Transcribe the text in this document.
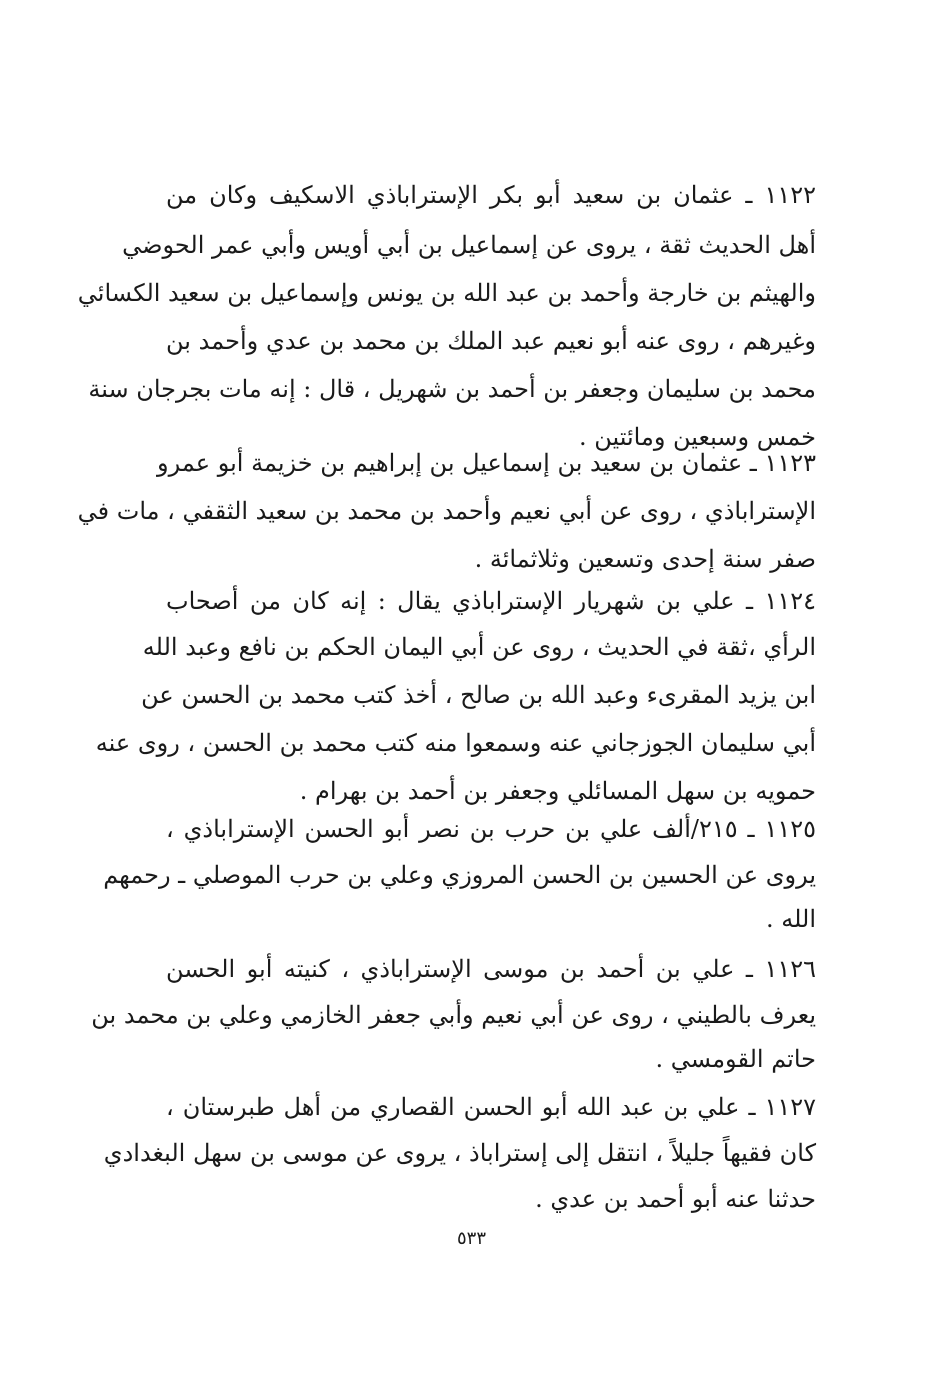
١١٢٢ ـ عثمان بن سعيد أبو بكر الإستراباذي الاسكيف وكان من
أهل الحديث ثقة ، يروى عن إسماعيل بن أبي أويس وأبي عمر الحوضي
والهيثم بن خارجة وأحمد بن عبد الله بن يونس وإسماعيل بن سعيد الكسائي
وغيرهم ، روى عنه أبو نعيم عبد الملك بن محمد بن عدي وأحمد بن
محمد بن سليمان وجعفر بن أحمد بن شهريل ، قال : إنه مات بجرجان سنة
خمس وسبعين ومائتين .
١١٢٣ ـ عثمان بن سعيد بن إسماعيل بن إبراهيم بن خزيمة أبو عمرو
الإستراباذي ، روى عن أبي نعيم وأحمد بن محمد بن سعيد الثقفي ، مات في
صفر سنة إحدى وتسعين وثلاثمائة .
١١٢٤ ـ علي بن شهريار الإستراباذي يقال : إنه كان من أصحاب
الرأي ،ثقة في الحديث ، روى عن أبي اليمان الحكم بن نافع وعبد الله
ابن يزيد المقرىء وعبد الله بن صالح ، أخذ كتب محمد بن الحسن عن
أبي سليمان الجوزجاني عنه وسمعوا منه كتب محمد بن الحسن ، روى عنه
حمويه بن سهل المسائلي وجعفر بن أحمد بن بهرام .
١١٢٥ ـ ٢١٥/ألف علي بن حرب بن نصر أبو الحسن الإستراباذي ،
يروى عن الحسين بن الحسن المروزي وعلي بن حرب الموصلي ـ رحمهم
الله .
١١٢٦ ـ علي بن أحمد بن موسى الإستراباذي ، كنيته أبو الحسن
يعرف بالطيني ، روى عن أبي نعيم وأبي جعفر الخازمي وعلي بن محمد بن
حاتم القومسي .
١١٢٧ ـ علي بن عبد الله أبو الحسن القصاري من أهل طبرستان ،
كان فقيهاً جليلاً ، انتقل إلى إستراباذ ، يروى عن موسى بن سهل البغدادي
حدثنا عنه أبو أحمد بن عدي .
٥٣٣
